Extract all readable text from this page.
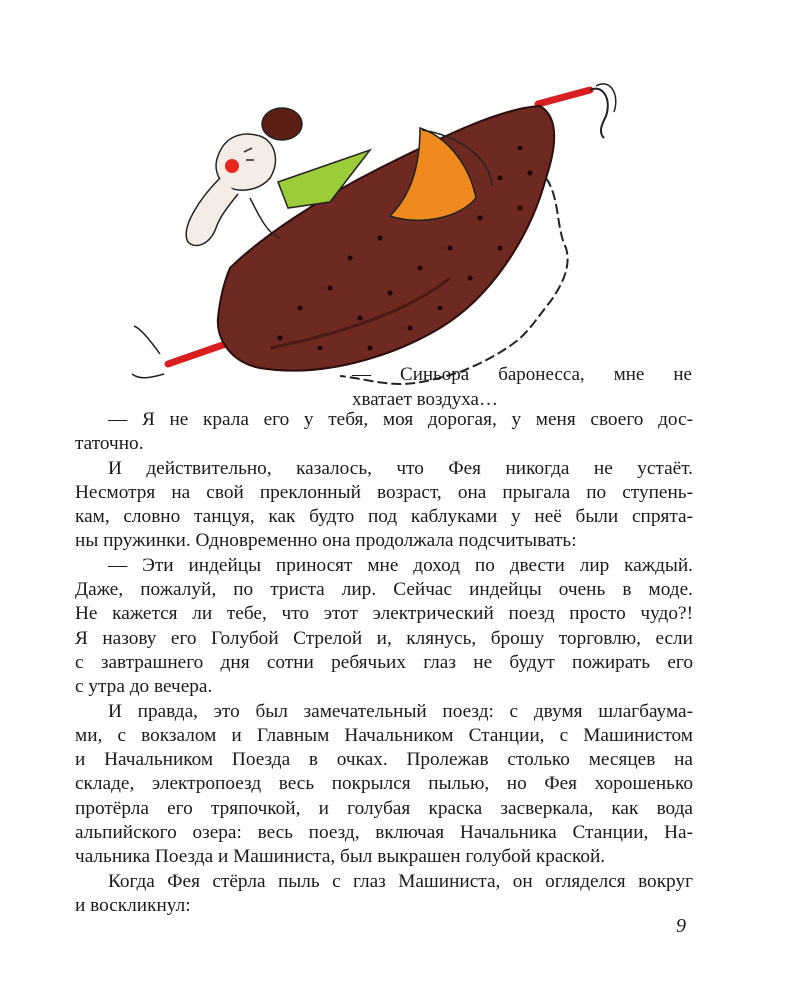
— Синьора баронесса, мне не

хватает воздуха…

— Я не крала его у тебя, моя дорогая, у меня своего дос-
таточно.
И действительно, казалось, что Фея никогда не устаёт.
Несмотря на свой преклонный возраст, она прыгала по ступень-
кам, словно танцуя, как будто под каблуками у неё были спрята-
ны пружинки. Одновременно она продолжала подсчитывать:
— Эти индейцы приносят мне доход по двести лир каждый.
Даже, пожалуй, по триста лир. Сейчас индейцы очень в моде.
Не кажется ли тебе, что этот электрический поезд просто чудо?!
Я назову его Голубой Стрелой и, клянусь, брошу торговлю, если
с завтрашнего дня сотни ребячьих глаз не будут пожирать его
с утра до вечера.
И правда, это был замечательный поезд: с двумя шлагбаума-
ми, с вокзалом и Главным Начальником Станции, с Машинистом
и Начальником Поезда в очках. Пролежав столько месяцев на
складе, электропоезд весь покрылся пылью, но Фея хорошенько
протёрла его тряпочкой, и голубая краска засверкала, как вода
альпийского озера: весь поезд, включая Начальника Станции, На-
чальника Поезда и Машиниста, был выкрашен голубой краской.
Когда Фея стёрла пыль с глаз Машиниста, он огляделся вокруг
и воскликнул:
9
